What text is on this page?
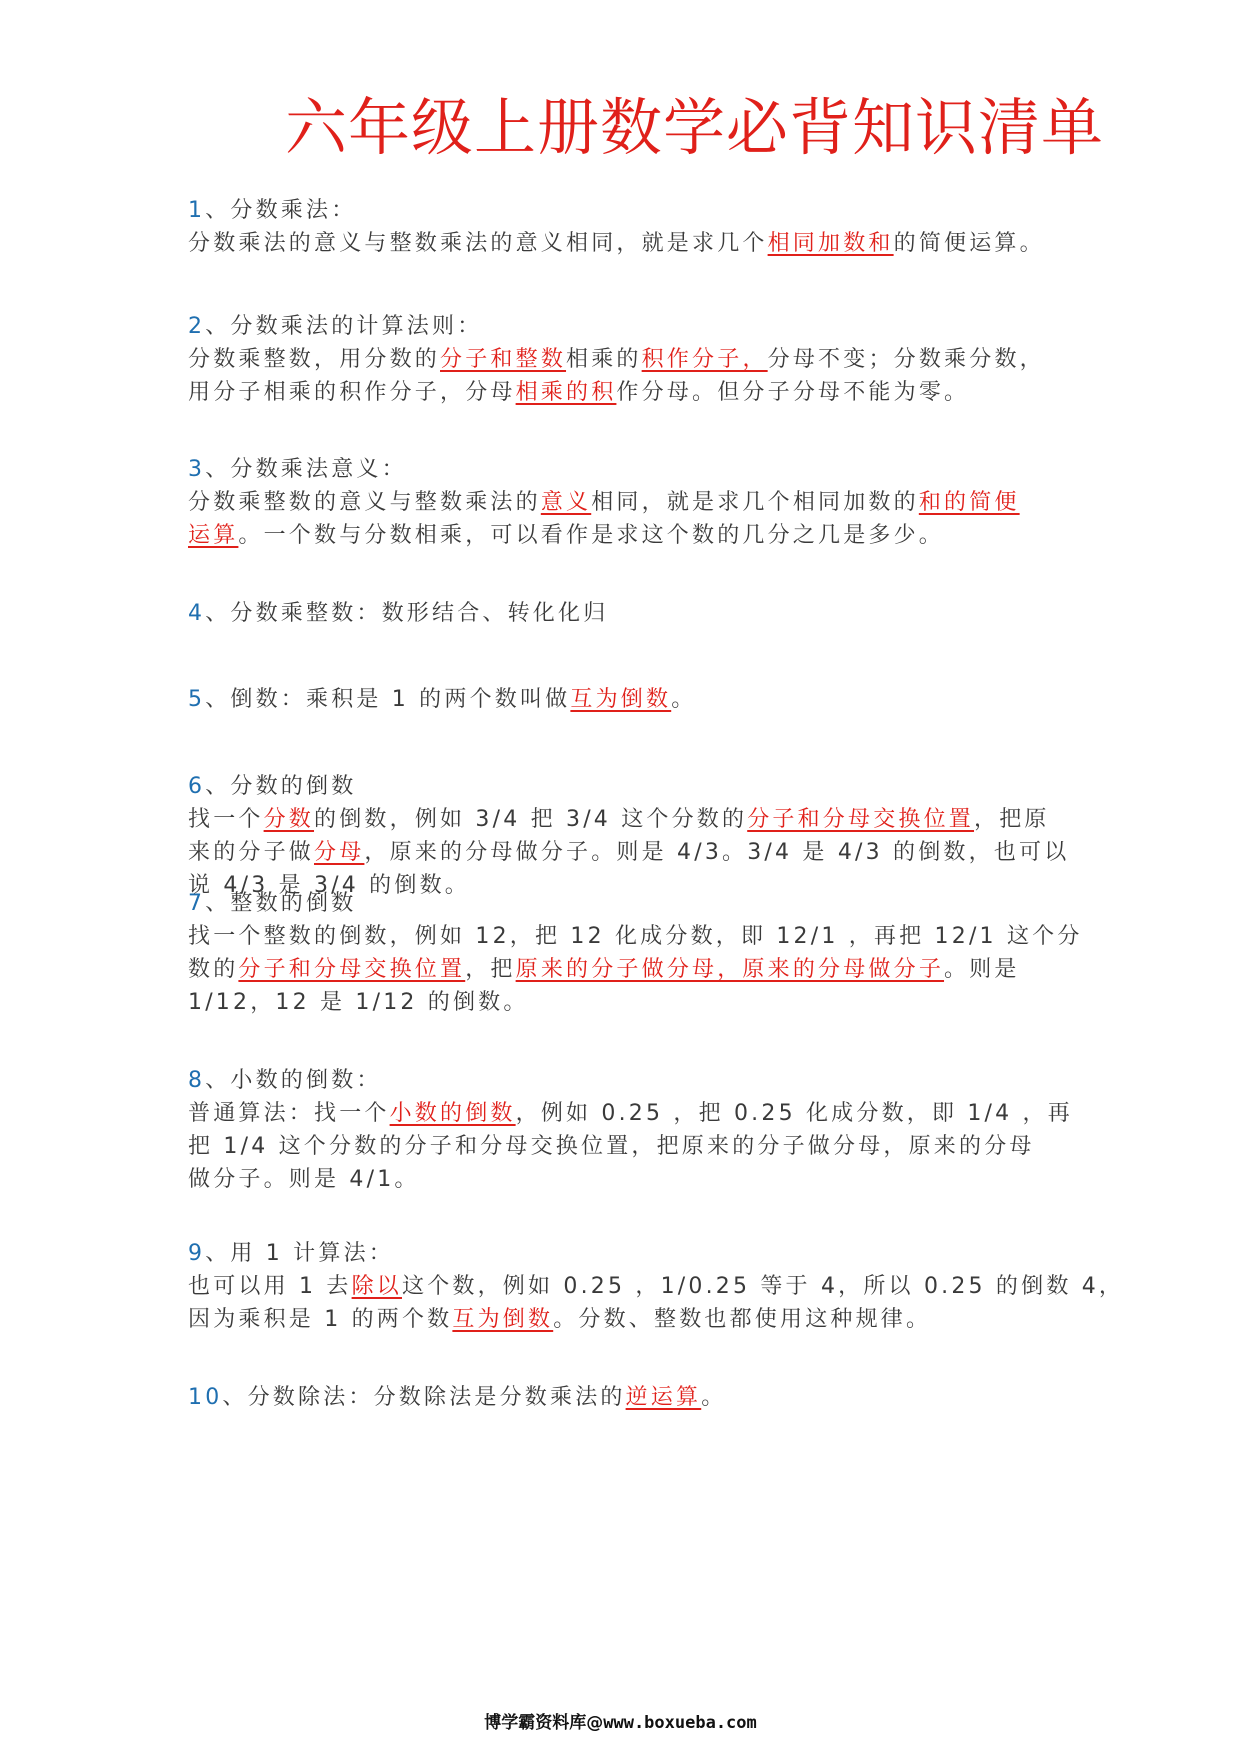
六年级上册数学必背知识清单
1、分数乘法：
分数乘法的意义与整数乘法的意义相同，就是求几个相同加数和的简便运算。
2、分数乘法的计算法则：
分数乘整数，用分数的分子和整数相乘的积作分子，分母不变；分数乘分数，
用分子相乘的积作分子，分母相乘的积作分母。但分子分母不能为零。
3、分数乘法意义：
分数乘整数的意义与整数乘法的意义相同，就是求几个相同加数的和的简便
运算。一个数与分数相乘，可以看作是求这个数的几分之几是多少。
4、分数乘整数：数形结合、转化化归
5、倒数：乘积是 1 的两个数叫做互为倒数。
6、分数的倒数
找一个分数的倒数，例如 3/4 把 3/4 这个分数的分子和分母交换位置，把原
来的分子做分母，原来的分母做分子。则是 4/3。3/4 是 4/3 的倒数，也可以
说 4/3 是 3/4 的倒数。
7、整数的倒数
找一个整数的倒数，例如 12，把 12 化成分数，即 12/1 ，再把 12/1 这个分
数的分子和分母交换位置，把原来的分子做分母，原来的分母做分子。则是
1/12，12 是 1/12 的倒数。
8、小数的倒数：
普通算法：找一个小数的倒数，例如 0.25 ，把 0.25 化成分数，即 1/4 ，再
把 1/4 这个分数的分子和分母交换位置，把原来的分子做分母，原来的分母
做分子。则是 4/1。
9、用 1 计算法：
也可以用 1 去除以这个数，例如 0.25 ，1/0.25 等于 4，所以 0.25 的倒数 4，
因为乘积是 1 的两个数互为倒数。分数、整数也都使用这种规律。
10、分数除法：分数除法是分数乘法的逆运算。
博学霸资料库@www.boxueba.com
